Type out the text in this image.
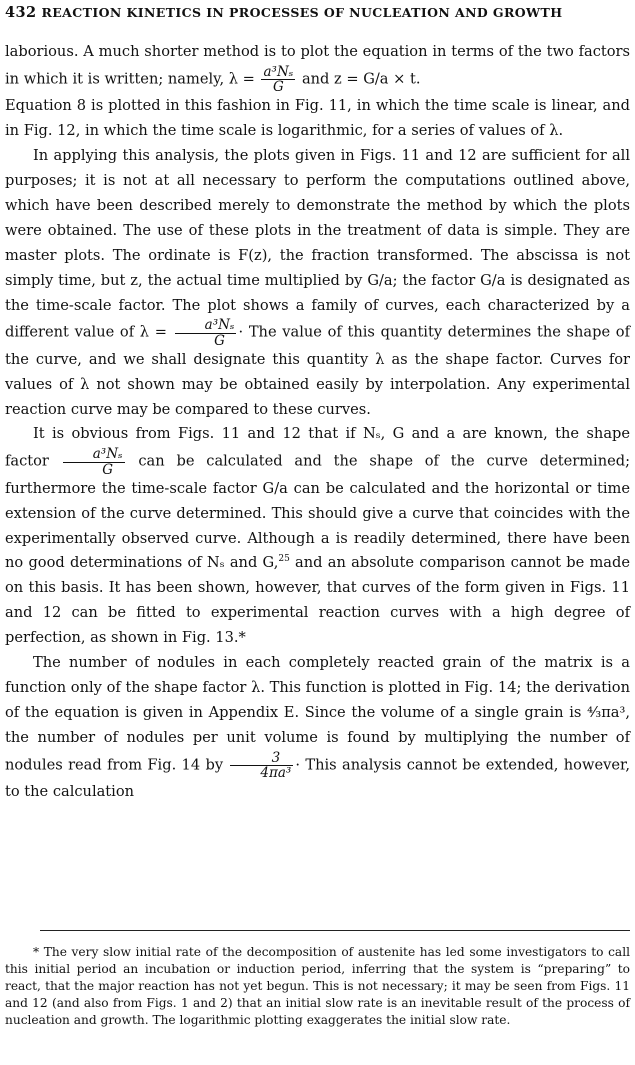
432 REACTION KINETICS IN PROCESSES OF NUCLEATION AND GROWTH

laborious. A much shorter method is to plot the equation in terms of the two factors in which it is written; namely, $\lambda = \frac{\text{a³Nₛ}}{G}$ and z = G/a × t.

Equation 8 is plotted in this fashion in Fig. 11, in which the time scale is linear, and in Fig. 12, in which the time scale is logarithmic, for a series of values of λ.

In applying this analysis, the plots given in Figs. 11 and 12 are sufficient for all purposes; it is not at all necessary to perform the computations outlined above, which have been described merely to demonstrate the method by which the plots were obtained. The use of these plots in the treatment of data is simple. They are master plots. The ordinate is F(z), the fraction transformed. The abscissa is not simply time, but z, the actual time multiplied by G/a; the factor G/a is designated as the time-scale factor. The plot shows a family of curves, each characterized by a different value of $\lambda = \frac{\text{a³Nₛ}}{G}$ · The value of this quantity determines the shape of the curve, and we shall designate this quantity λ as the shape factor. Curves for values of λ not shown may be obtained easily by interpolation. Any experimental reaction curve may be compared to these curves.

It is obvious from Figs. 11 and 12 that if Nₛ, G and a are known, the shape factor $\frac{\text{a³Nₛ}}{G}$ can be calculated and the shape of the curve determined; furthermore the time-scale factor G/a can be calculated and the horizontal or time extension of the curve determined. This should give a curve that coincides with the experimentally observed curve. Although a is readily determined, there have been no good determinations of Nₛ and G,$^{25}$ and an absolute comparison cannot be made on this basis. It has been shown, however, that curves of the form given in Figs. 11 and 12 can be fitted to experimental reaction curves with a high degree of perfection, as shown in Fig. 13.*

The number of nodules in each completely reacted grain of the matrix is a function only of the shape factor λ. This function is plotted in Fig. 14; the derivation of the equation is given in Appendix E. Since the volume of a single grain is ⁴⁄₃πa³, the number of nodules per unit volume is found by multiplying the number of nodules read from Fig. 14 by $\frac{3}{\text{4πa³}}$ · This analysis cannot be extended, however, to the calculation

* The very slow initial rate of the decomposition of austenite has led some investigators to call this initial period an incubation or induction period, inferring that the system is “preparing” to react, that the major reaction has not yet begun. This is not necessary; it may be seen from Figs. 11 and 12 (and also from Figs. 1 and 2) that an initial slow rate is an inevitable result of the process of nucleation and growth. The logarithmic plotting exaggerates the initial slow rate.
